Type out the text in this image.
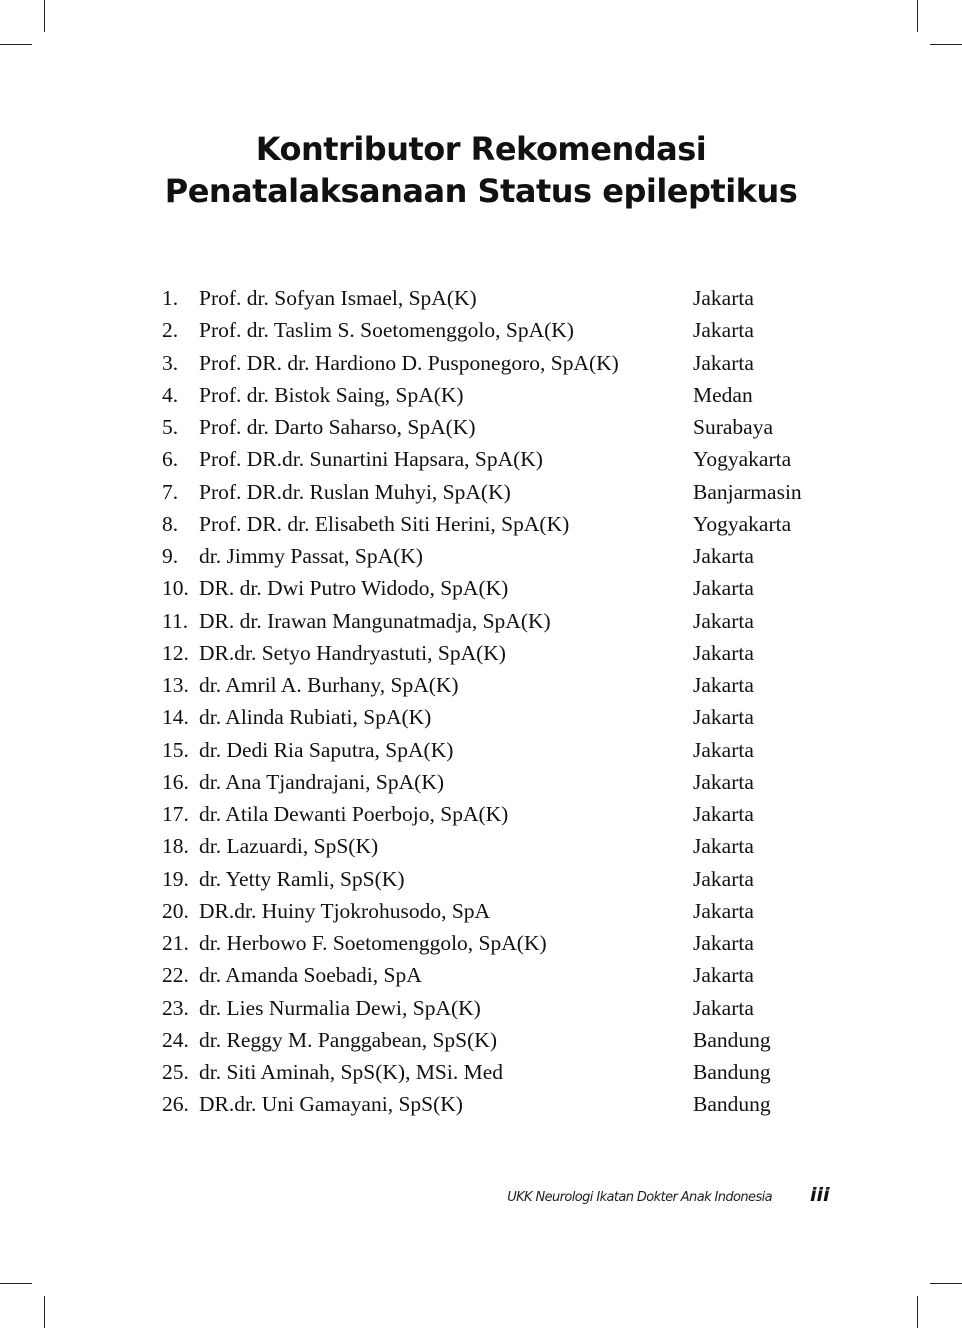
Kontributor Rekomendasi
Penatalaksanaan Status epileptikus
1. Prof. dr. Sofyan Ismael, SpA(K)	Jakarta
2. Prof. dr. Taslim S. Soetomenggolo, SpA(K)	Jakarta
3. Prof. DR. dr. Hardiono D. Pusponegoro, SpA(K)	Jakarta
4. Prof. dr. Bistok Saing, SpA(K)	Medan
5. Prof. dr. Darto Saharso, SpA(K)	Surabaya
6. Prof. DR.dr. Sunartini Hapsara, SpA(K)	Yogyakarta
7. Prof. DR.dr. Ruslan Muhyi, SpA(K)	Banjarmasin
8. Prof. DR. dr. Elisabeth Siti Herini, SpA(K)	Yogyakarta
9. dr. Jimmy Passat, SpA(K)	Jakarta
10. DR. dr. Dwi Putro Widodo, SpA(K)	Jakarta
11. DR. dr. Irawan Mangunatmadja, SpA(K)	Jakarta
12. DR.dr. Setyo Handryastuti, SpA(K)	Jakarta
13. dr. Amril A. Burhany, SpA(K)	Jakarta
14. dr. Alinda Rubiati, SpA(K)	Jakarta
15. dr. Dedi Ria Saputra, SpA(K)	Jakarta
16. dr. Ana Tjandrajani, SpA(K)	Jakarta
17. dr. Atila Dewanti Poerbojo, SpA(K)	Jakarta
18. dr. Lazuardi, SpS(K)	Jakarta
19. dr. Yetty Ramli, SpS(K)	Jakarta
20. DR.dr. Huiny Tjokrohusodo, SpA	Jakarta
21. dr. Herbowo F. Soetomenggolo, SpA(K)	Jakarta
22. dr. Amanda Soebadi, SpA	Jakarta
23. dr. Lies Nurmalia Dewi, SpA(K)	Jakarta
24. dr. Reggy M. Panggabean, SpS(K)	Bandung
25. dr. Siti Aminah, SpS(K), MSi. Med	Bandung
26. DR.dr. Uni Gamayani, SpS(K)	Bandung
UKK Neurologi Ikatan Dokter Anak Indonesia iii
